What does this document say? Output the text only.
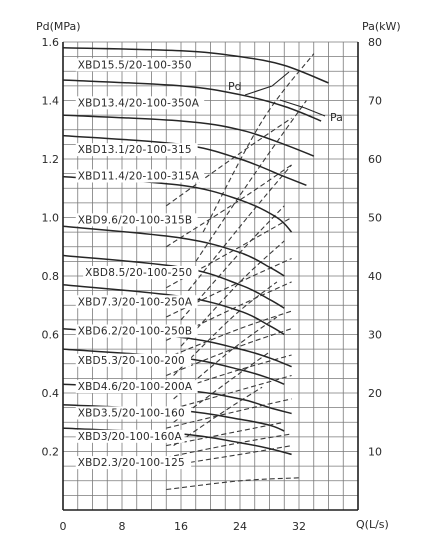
0	8	16	24	32
0.2
0.4
0.6
0.8
1.0
1.2
1.4
1.6
10
20
30
40
50
60
70
80
XBD15.5/20-100-350
XBD13.4/20-100-350A
XBD13.1/20-100-315
XBD11.4/20-100-315A
XBD9.6/20-100-315B
XBD8.5/20-100-250
XBD7.3/20-100-250A
XBD6.2/20-100-250B
XBD5.3/20-100-200
XBD4.6/20-100-200A
XBD3.5/20-100-160
XBD3/20-100-160A
XBD2.3/20-100-125
Pd(MPa)	Pa(kW)
Q(L/s)
Pd
Pa
